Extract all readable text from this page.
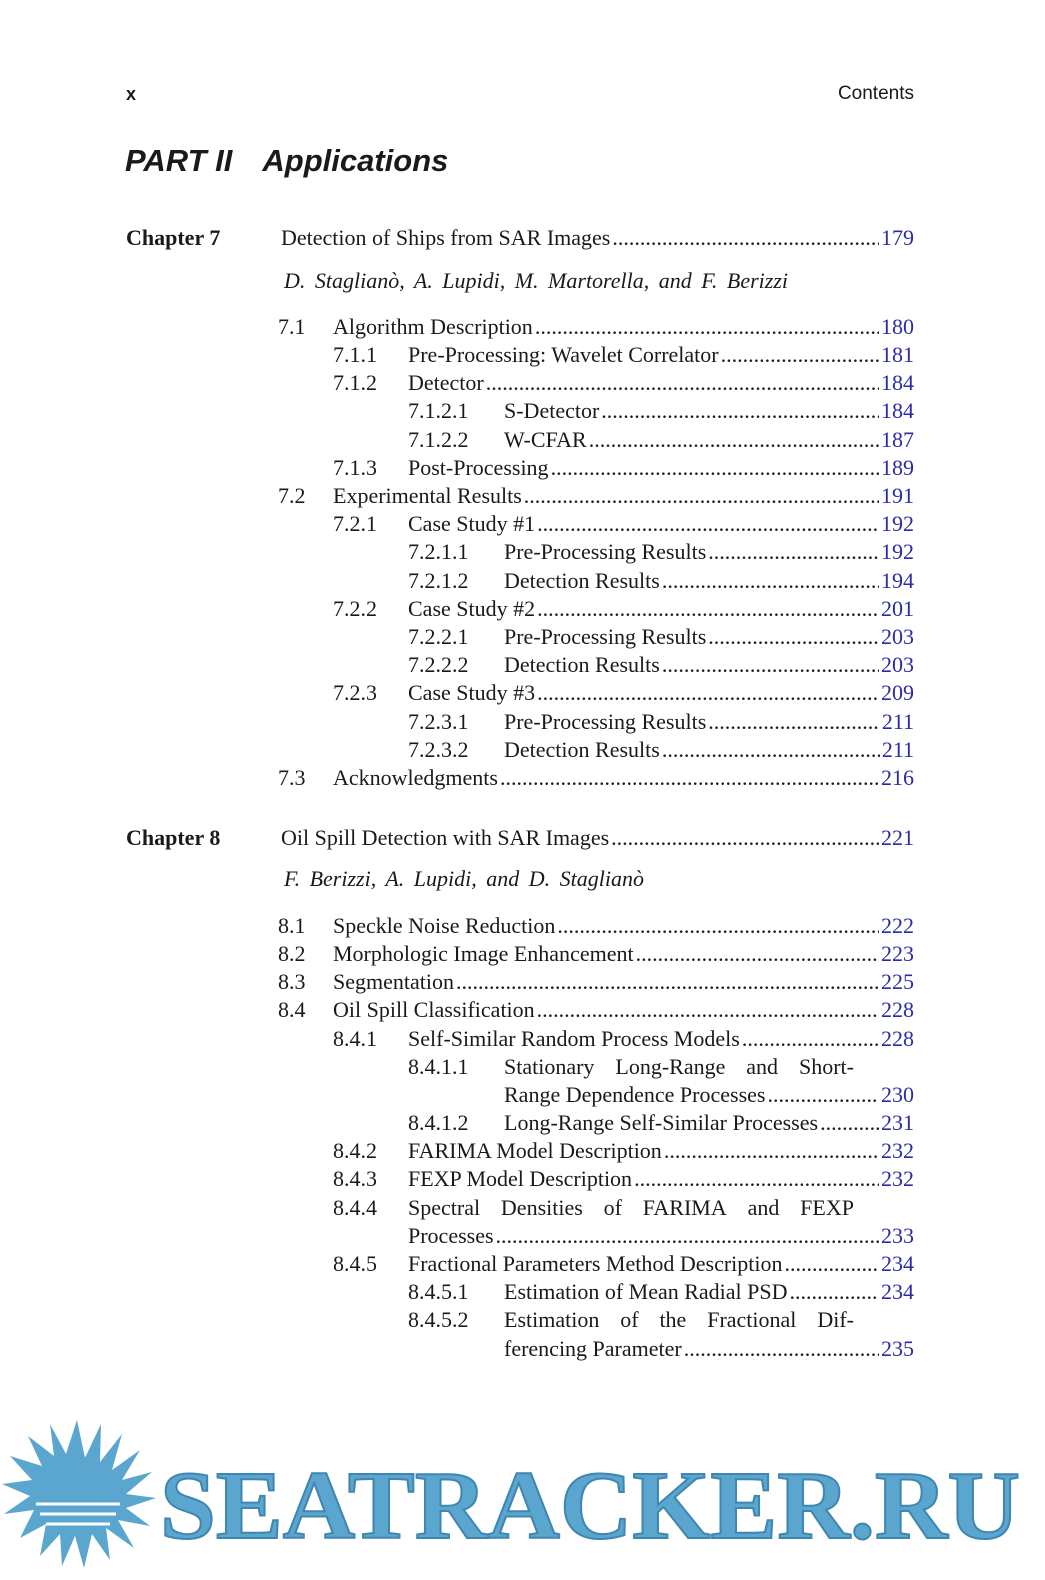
x	Contents
PART II Applications
Chapter 7	Detection of Ships from SAR Images .....	179
D. Staglianò, A. Lupidi, M. Martorella, and F. Berizzi
7.1	Algorithm Description .....	180
7.1.1	Pre-Processing: Wavelet Correlator .....	181
7.1.2	Detector .....	184
7.1.2.1	S-Detector .....	184
7.1.2.2	W-CFAR .....	187
7.1.3	Post-Processing .....	189
7.2	Experimental Results .....	191
7.2.1	Case Study #1 .....	192
7.2.1.1	Pre-Processing Results .....	192
7.2.1.2	Detection Results .....	194
7.2.2	Case Study #2 .....	201
7.2.2.1	Pre-Processing Results .....	203
7.2.2.2	Detection Results .....	203
7.2.3	Case Study #3 .....	209
7.2.3.1	Pre-Processing Results .....	211
7.2.3.2	Detection Results .....	211
7.3	Acknowledgments .....	216
Chapter 8	Oil Spill Detection with SAR Images .....	221
F. Berizzi, A. Lupidi, and D. Staglianò
8.1	Speckle Noise Reduction .....	222
8.2	Morphologic Image Enhancement .....	223
8.3	Segmentation .....	225
8.4	Oil Spill Classification .....	228
8.4.1	Self-Similar Random Process Models .....	228
8.4.1.1 Stationary Long-Range and Short-
Range Dependence Processes .....	230
8.4.1.2	Long-Range Self-Similar Processes .....	231
8.4.2	FARIMA Model Description .....	232
8.4.3	FEXP Model Description .....	232
8.4.4 Spectral Densities of FARIMA and FEXP
Processes .....	233
8.4.5	Fractional Parameters Method Description .....	234
8.4.5.1	Estimation of Mean Radial PSD .....	234
8.4.5.2 Estimation of the Fractional Dif-
ferencing Parameter .....	235
SEATRACKER.RU
